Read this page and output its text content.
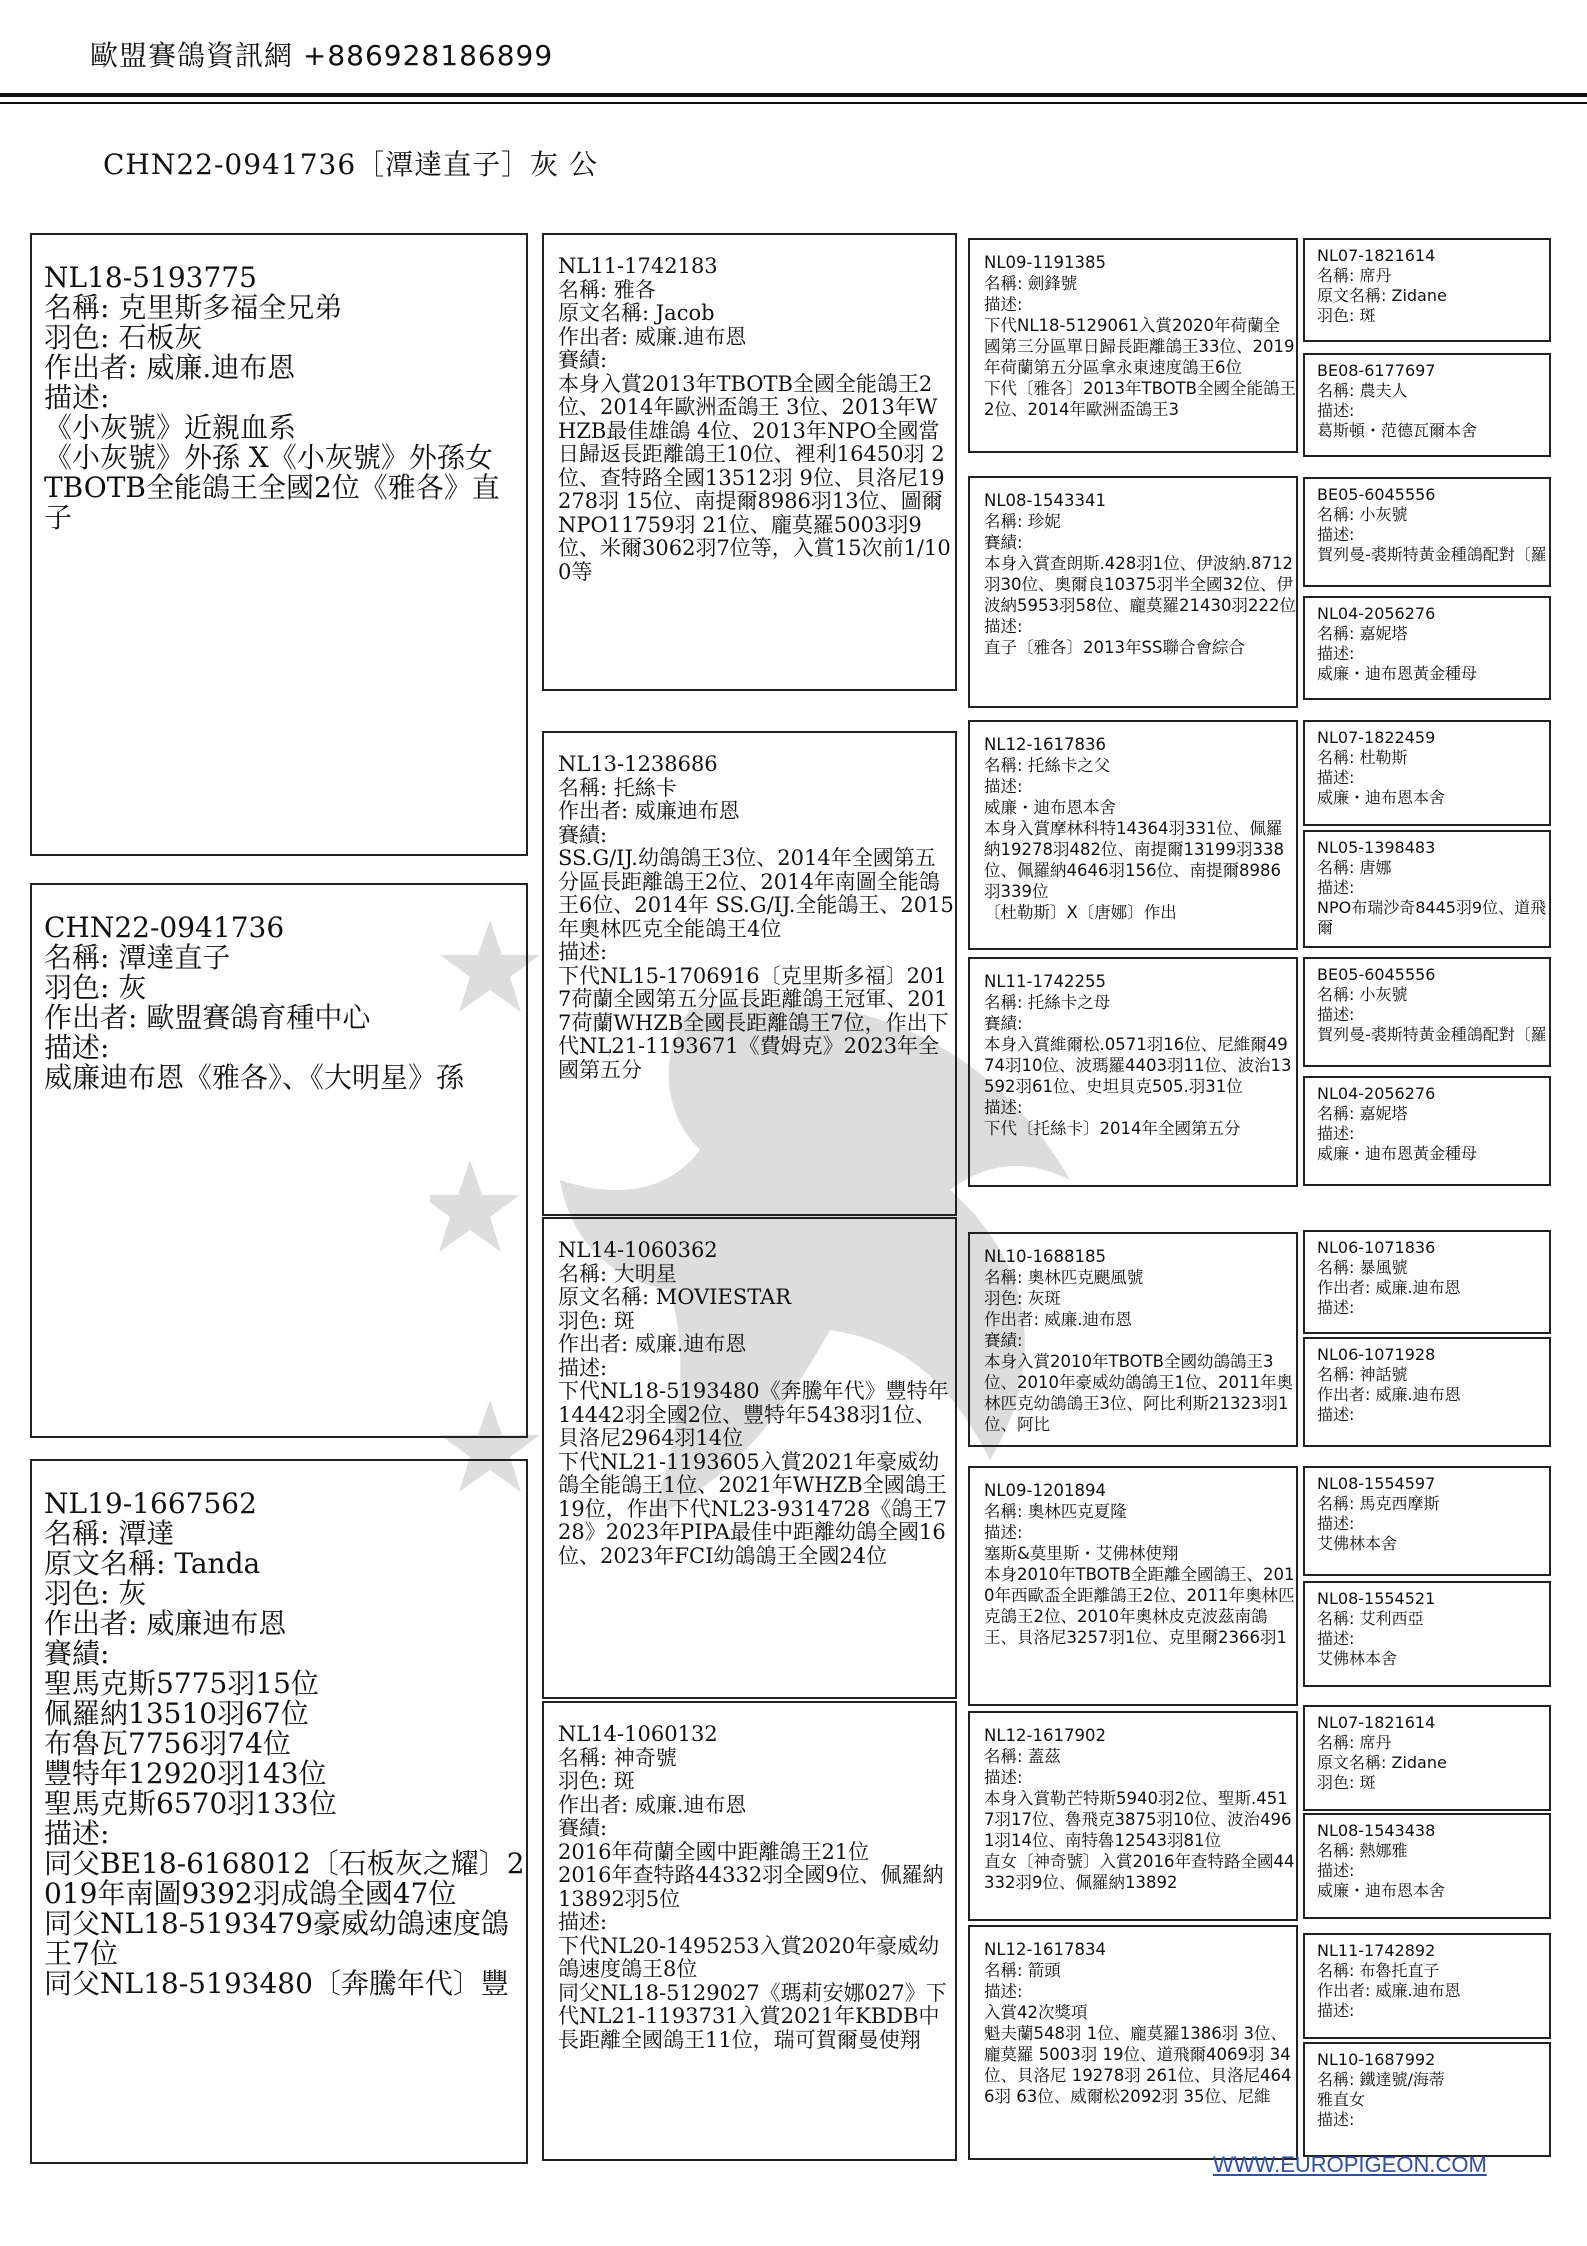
歐盟賽鴿資訊網 +886928186899
CHN22-0941736［潭達直子］灰 公

NL18-5193775
名稱: 克里斯多福全兄弟
羽色: 石板灰
作出者: 威廉.迪布恩
描述:
《小灰號》近親血系
《小灰號》外孫 X《小灰號》外孫女
TBOTB全能鴿王全國2位《雅各》直子

CHN22-0941736
名稱: 潭達直子
羽色: 灰
作出者: 歐盟賽鴿育種中心
描述:
威廉迪布恩《雅各》、《大明星》孫

NL19-1667562
名稱: 潭達
原文名稱: Tanda
羽色: 灰
作出者: 威廉迪布恩
賽績:
聖馬克斯5775羽15位
佩羅納13510羽67位
布魯瓦7756羽74位
豐特年12920羽143位
聖馬克斯6570羽133位
描述:
同父BE18-6168012〔石板灰之耀〕2019年南圖9392羽成鴿全國47位
同父NL18-5193479豪威幼鴿速度鴿王7位
同父NL18-5193480〔奔騰年代〕豐

NL11-1742183
名稱: 雅各
原文名稱: Jacob
作出者: 威廉.迪布恩
賽績:
本身入賞2013年TBOTB全國全能鴿王2位、2014年歐洲盃鴿王 3位、2013年WHZB最佳雄鴿 4位、2013年NPO全國當日歸返長距離鴿王10位、裡利16450羽 2位、查特路全國13512羽 9位、貝洛尼19278羽 15位、南提爾8986羽13位、圖爾NPO11759羽 21位、龐莫羅5003羽9位、米爾3062羽7位等，入賞15次前1/100等

NL13-1238686
名稱: 托絲卡
作出者: 威廉迪布恩
賽績:
SS.G/IJ.幼鴿鴿王3位、2014年全國第五分區長距離鴿王2位、2014年南圖全能鴿王6位、2014年 SS.G/IJ.全能鴿王、2015年奧林匹克全能鴿王4位
描述:
下代NL15-1706916〔克里斯多福〕2017荷蘭全國第五分區長距離鴿王冠軍、2017荷蘭WHZB全國長距離鴿王7位，作出下代NL21-1193671《費姆克》2023年全國第五分

NL14-1060362
名稱: 大明星
原文名稱: MOVIESTAR
羽色: 斑
作出者: 威廉.迪布恩
描述:
下代NL18-5193480《奔騰年代》豐特年14442羽全國2位、豐特年5438羽1位、貝洛尼2964羽14位
下代NL21-1193605入賞2021年豪威幼鴿全能鴿王1位、2021年WHZB全國鴿王19位，作出下代NL23-9314728《鴿王728》2023年PIPA最佳中距離幼鴿全國16位、2023年FCI幼鴿鴿王全國24位

NL14-1060132
名稱: 神奇號
羽色: 斑
作出者: 威廉.迪布恩
賽績:
2016年荷蘭全國中距離鴿王21位
2016年查特路44332羽全國9位、佩羅納13892羽5位
描述:
下代NL20-1495253入賞2020年豪威幼鴿速度鴿王8位
同父NL18-5129027《瑪莉安娜027》下代NL21-1193731入賞2021年KBDB中長距離全國鴿王11位，瑞可賀爾曼使翔

NL09-1191385
名稱: 劍鋒號
描述:
下代NL18-5129061入賞2020年荷蘭全國第三分區單日歸長距離鴿王33位、2019年荷蘭第五分區拿永東速度鴿王6位
下代〔雅各〕2013年TBOTB全國全能鴿王2位、2014年歐洲盃鴿王3

NL08-1543341
名稱: 珍妮
賽績:
本身入賞查朗斯.428羽1位、伊波納.8712羽30位、奧爾良10375羽半全國32位、伊波納5953羽58位、龐莫羅21430羽222位
描述:
直子〔雅各〕2013年SS聯合會綜合

NL12-1617836
名稱: 托絲卡之父
描述:
威廉・迪布恩本舍
本身入賞摩林科特14364羽331位、佩羅納19278羽482位、南提爾13199羽338位、佩羅納4646羽156位、南提爾8986羽339位
〔杜勒斯〕X〔唐娜〕作出

NL11-1742255
名稱: 托絲卡之母
賽績:
本身入賞維爾松.0571羽16位、尼維爾4974羽10位、波瑪羅4403羽11位、波治13592羽61位、史坦貝克505.羽31位
描述:
下代〔托絲卡〕2014年全國第五分

NL10-1688185
名稱: 奧林匹克颶風號
羽色: 灰斑
作出者: 威廉.迪布恩
賽績:
本身入賞2010年TBOTB全國幼鴿鴿王3位、2010年豪威幼鴿鴿王1位、2011年奧林匹克幼鴿鴿王3位、阿比利斯21323羽1位、阿比

NL09-1201894
名稱: 奧林匹克夏隆
描述:
塞斯&莫里斯・艾佛林使翔
本身2010年TBOTB全距離全國鴿王、2010年西歐盃全距離鴿王2位、2011年奧林匹克鴿王2位、2010年奧林皮克波茲南鴿王、貝洛尼3257羽1位、克里爾2366羽1

NL12-1617902
名稱: 蓋茲
描述:
本身入賞勒芒特斯5940羽2位、聖斯.4517羽17位、魯飛克3875羽10位、波治4961羽14位、南特魯12543羽81位
直女〔神奇號〕入賞2016年查特路全國44332羽9位、佩羅納13892

NL12-1617834
名稱: 箭頭
描述:
入賞42次獎項
魁夫蘭548羽 1位、龐莫羅1386羽 3位、龐莫羅 5003羽 19位、道飛爾4069羽 34位、貝洛尼 19278羽 261位、貝洛尼4646羽 63位、威爾松2092羽 35位、尼維

NL07-1821614
名稱: 席丹
原文名稱: Zidane
羽色: 斑

BE08-6177697
名稱: 農夫人
描述:
葛斯頓・范德瓦爾本舍

BE05-6045556
名稱: 小灰號
描述:
賀列曼-裘斯特黃金種鴿配對〔羅

NL04-2056276
名稱: 嘉妮塔
描述:
威廉・迪布恩黃金種母

NL07-1822459
名稱: 杜勒斯
描述:
威廉・迪布恩本舍

NL05-1398483
名稱: 唐娜
描述:
NPO布瑞沙奇8445羽9位、道飛爾

BE05-6045556
名稱: 小灰號
描述:
賀列曼-裘斯特黃金種鴿配對〔羅

NL04-2056276
名稱: 嘉妮塔
描述:
威廉・迪布恩黃金種母

NL06-1071836
名稱: 暴風號
作出者: 威廉.迪布恩
描述:

NL06-1071928
名稱: 神話號
作出者: 威廉.迪布恩
描述:

NL08-1554597
名稱: 馬克西摩斯
描述:
艾佛林本舍

NL08-1554521
名稱: 艾利西亞
描述:
艾佛林本舍

NL07-1821614
名稱: 席丹
原文名稱: Zidane
羽色: 斑

NL08-1543438
名稱: 熱娜雅
描述:
威廉・迪布恩本舍

NL11-1742892
名稱: 布魯托直子
作出者: 威廉.迪布恩
描述:

NL10-1687992
名稱: 鐵達號/海蒂
雅直女
描述:

WWW.EUROPIGEON.COM
